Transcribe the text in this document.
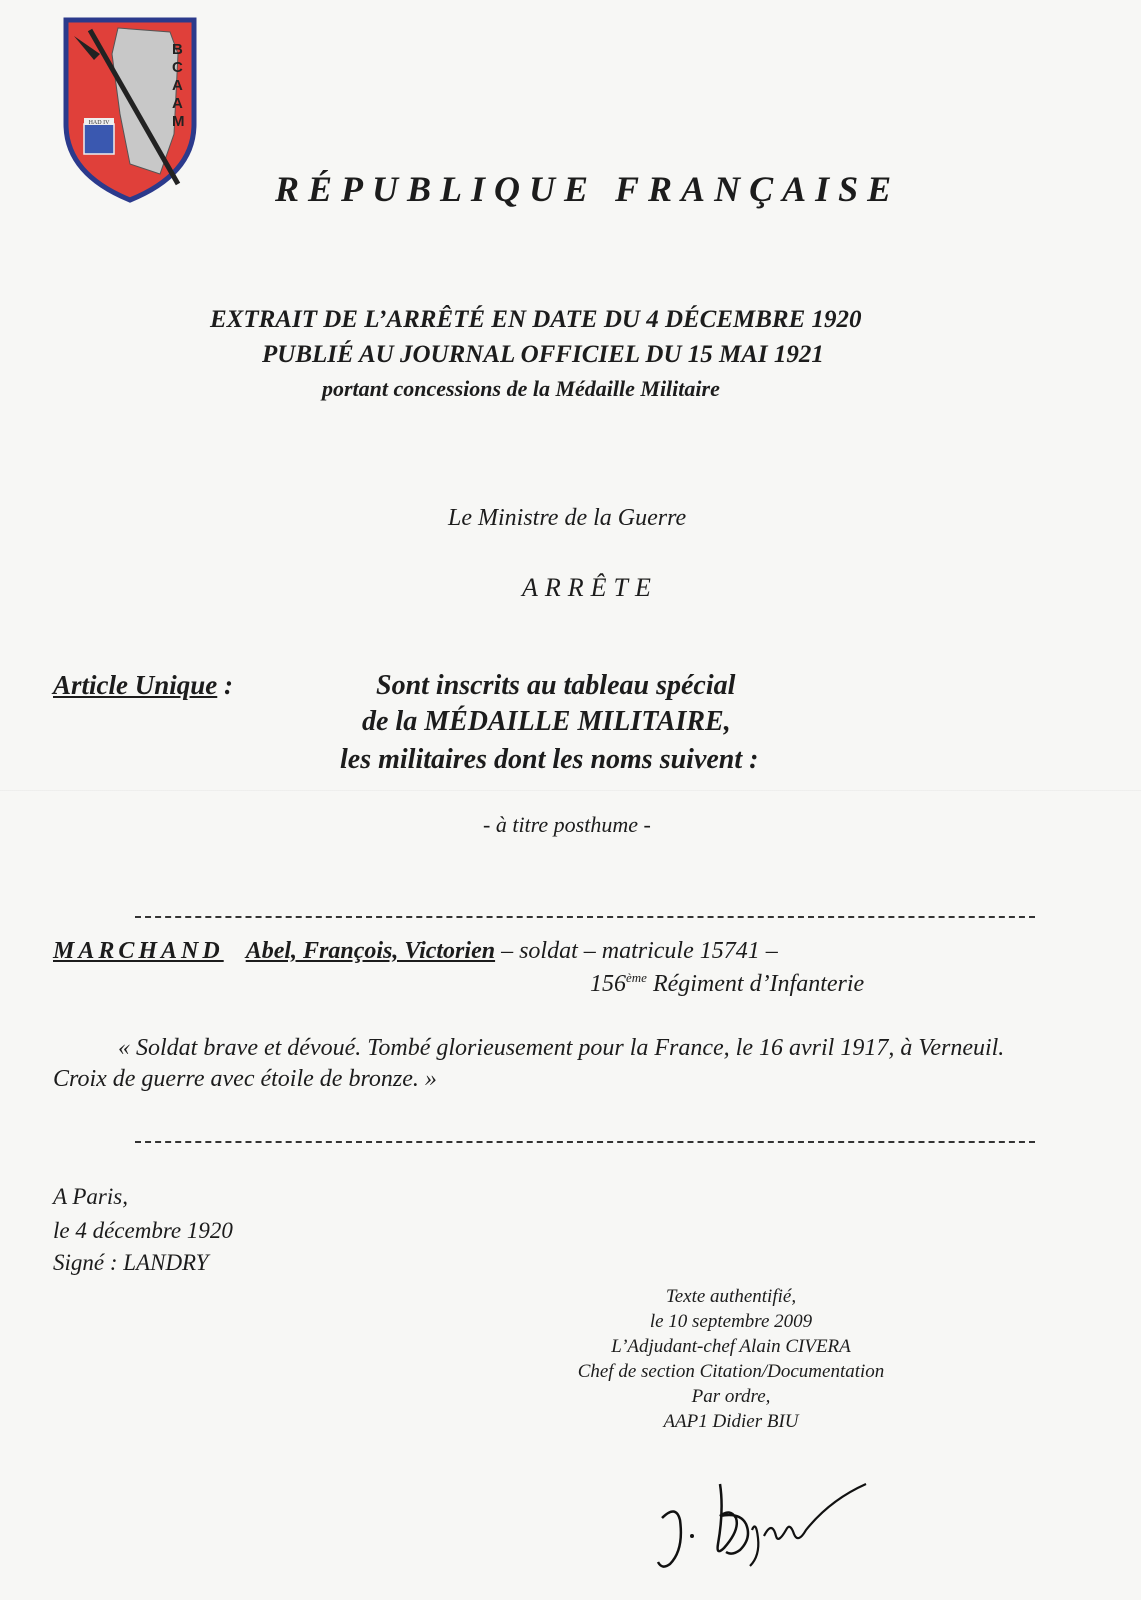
HAD IV
B
C
A
A
M
RÉPUBLIQUE FRANÇAISE
EXTRAIT DE L’ARRÊTÉ EN DATE DU 4 DÉCEMBRE 1920
PUBLIÉ AU JOURNAL OFFICIEL DU 15 MAI 1921
portant concessions de la Médaille Militaire
Le Ministre de la Guerre
ARRÊTE
Article Unique :	Sont inscrits au tableau spécial
de la MÉDAILLE MILITAIRE,
les militaires dont les noms suivent :
- à titre posthume -
MARCHAND Abel, François, Victorien – soldat – matricule 15741 –
156ème Régiment d’Infanterie
« Soldat brave et dévoué. Tombé glorieusement pour la France, le 16 avril 1917, à Verneuil.
Croix de guerre avec étoile de bronze. »
A Paris,
le 4 décembre 1920
Signé : LANDRY
Texte authentifié,
le 10 septembre 2009
L’Adjudant-chef Alain CIVERA
Chef de section Citation/Documentation
Par ordre,
AAP1 Didier BIU
